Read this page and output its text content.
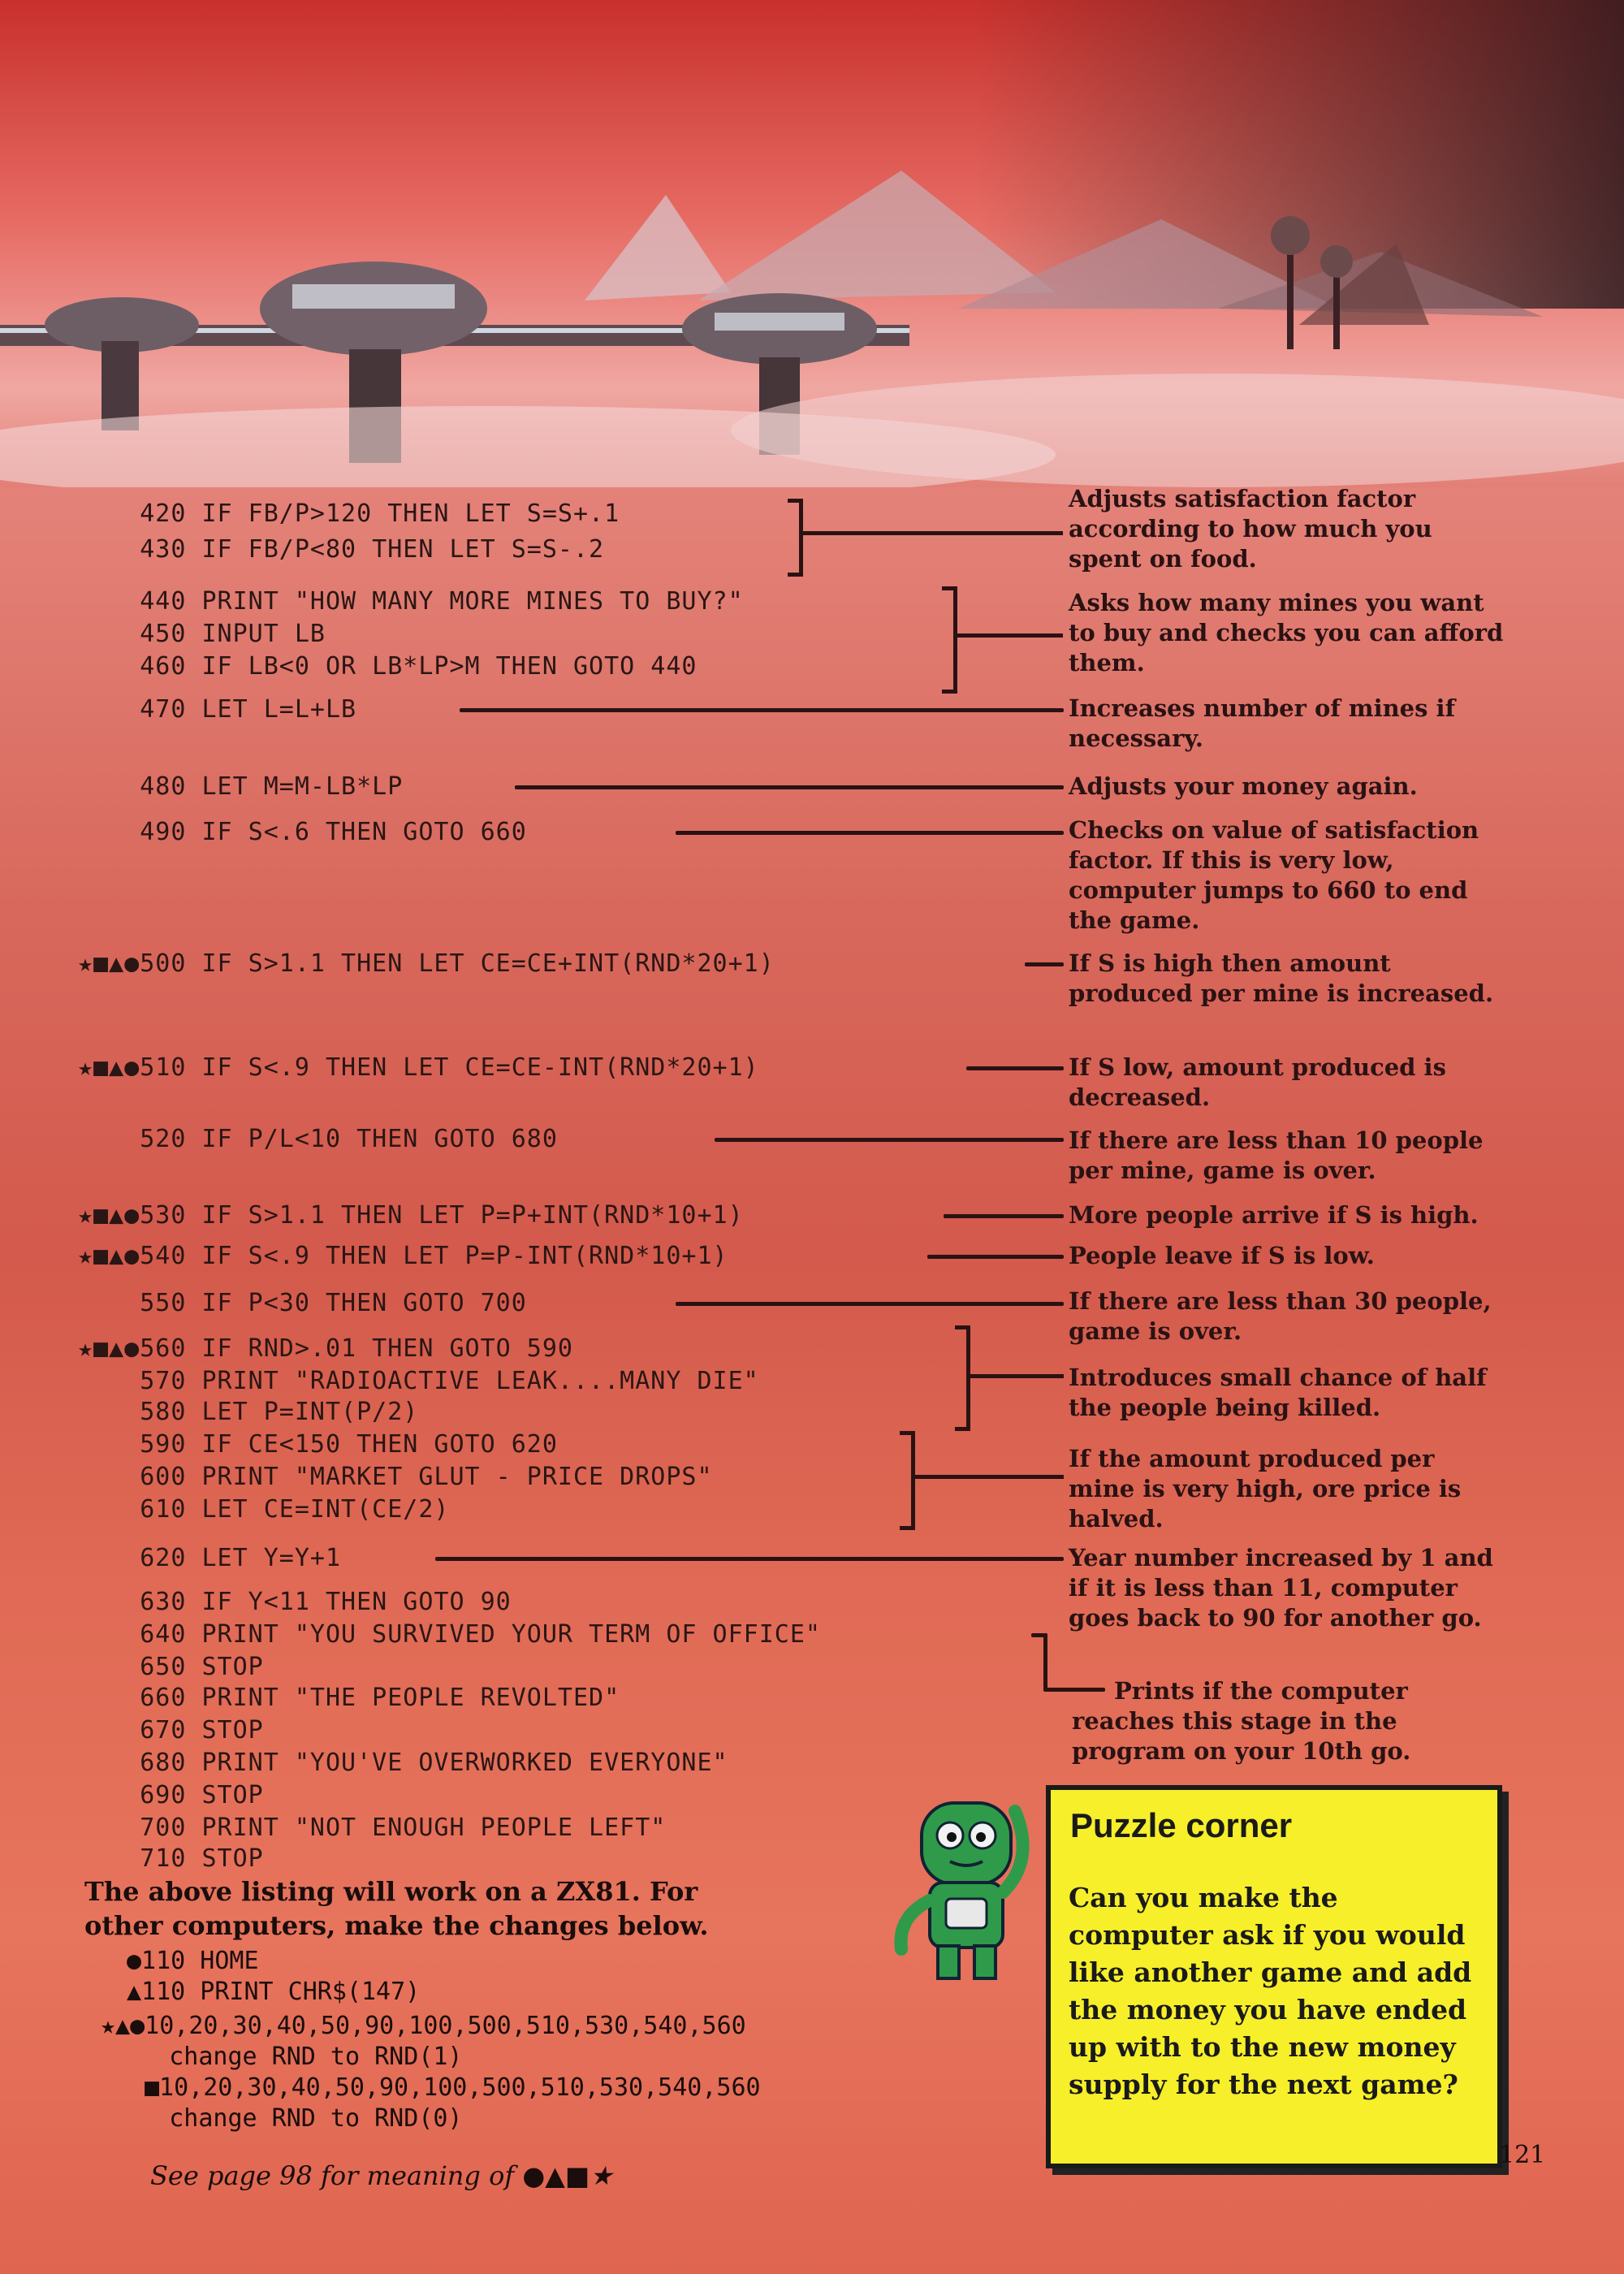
420 IF FB/P>120 THEN LET S=S+.1
430 IF FB/P<80 THEN LET S=S-.2
440 PRINT "HOW MANY MORE MINES TO BUY?"
450 INPUT LB
460 IF LB<0 OR LB*LP>M THEN GOTO 440
470 LET L=L+LB
480 LET M=M-LB*LP
490 IF S<.6 THEN GOTO 660
★■▲●500 IF S>1.1 THEN LET CE=CE+INT(RND*20+1)
★■▲●510 IF S<.9 THEN LET CE=CE-INT(RND*20+1)
520 IF P/L<10 THEN GOTO 680
★■▲●530 IF S>1.1 THEN LET P=P+INT(RND*10+1)
★■▲●540 IF S<.9 THEN LET P=P-INT(RND*10+1)
550 IF P<30 THEN GOTO 700
★■▲●560 IF RND>.01 THEN GOTO 590
570 PRINT "RADIOACTIVE LEAK....MANY DIE"
580 LET P=INT(P/2)
590 IF CE<150 THEN GOTO 620
600 PRINT "MARKET GLUT - PRICE DROPS"
610 LET CE=INT(CE/2)
620 LET Y=Y+1
630 IF Y<11 THEN GOTO 90
640 PRINT "YOU SURVIVED YOUR TERM OF OFFICE"
650 STOP
660 PRINT "THE PEOPLE REVOLTED"
670 STOP
680 PRINT "YOU'VE OVERWORKED EVERYONE"
690 STOP
700 PRINT "NOT ENOUGH PEOPLE LEFT"
710 STOP
Adjusts satisfaction factor according to how much you spent on food.
Asks how many mines you want to buy and checks you can afford them.
Increases number of mines if necessary.
Adjusts your money again.
Checks on value of satisfaction factor. If this is very low, computer jumps to 660 to end the game.
If S is high then amount produced per mine is increased.
If S low, amount produced is decreased.
If there are less than 10 people per mine, game is over.
More people arrive if S is high.
People leave if S is low.
If there are less than 30 people, game is over.
Introduces small chance of half the people being killed.
If the amount produced per mine is very high, ore price is halved.
Year number increased by 1 and if it is less than 11, computer goes back to 90 for another go.
Prints if the computer reaches this stage in the program on your 10th go.
The above listing will work on a ZX81. For other computers, make the changes below.
●110 HOME
▲110 PRINT CHR$(147)
★▲●10,20,30,40,50,90,100,500,510,530,540,560
change RND to RND(1)
■10,20,30,40,50,90,100,500,510,530,540,560
change RND to RND(0)
See page 98 for meaning of ●▲■★
Puzzle corner
Can you make the computer ask if you would like another game and add the money you have ended up with to the new money supply for the next game?
121
